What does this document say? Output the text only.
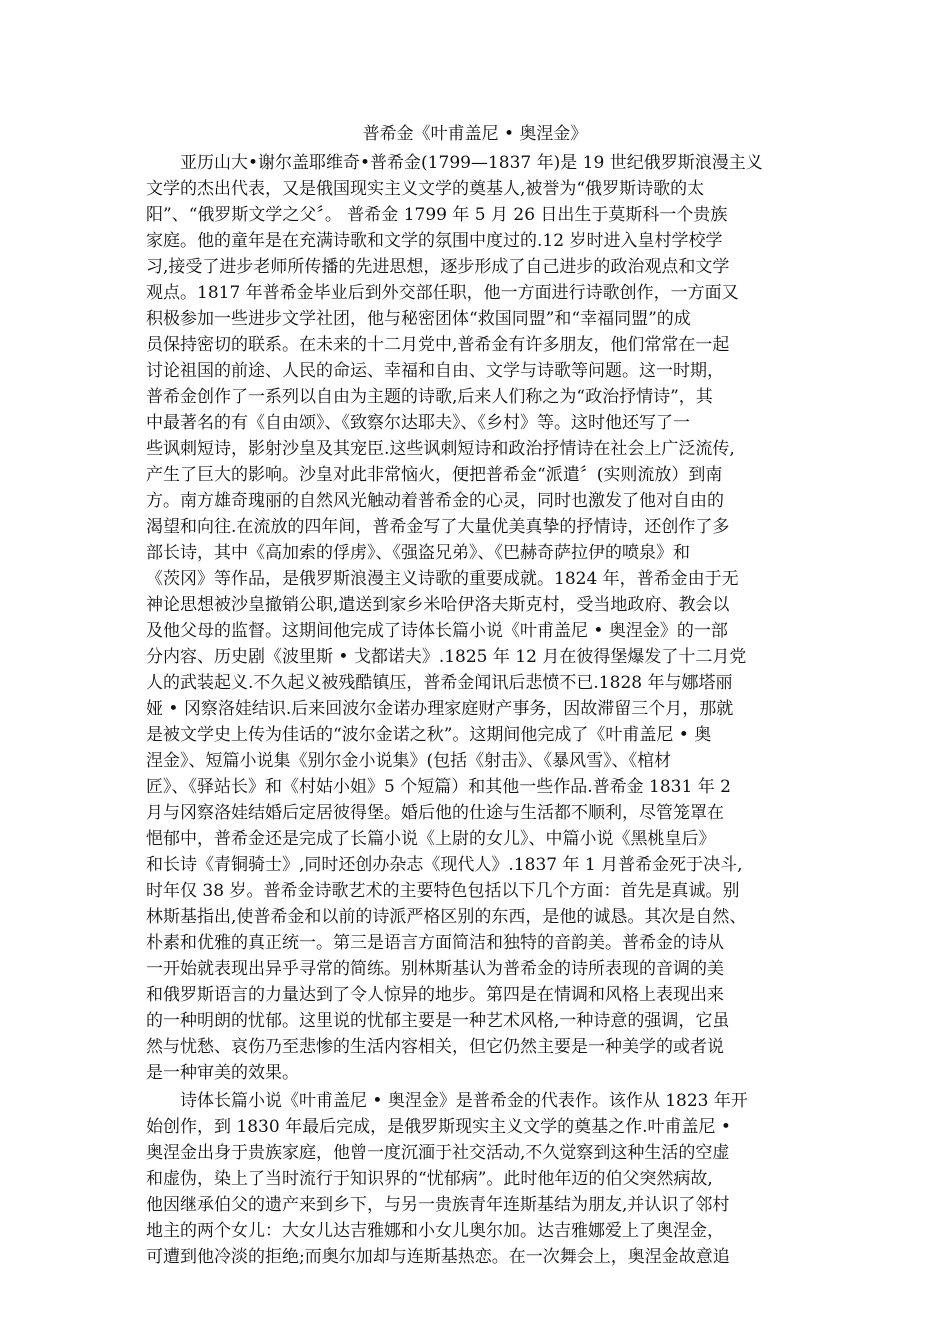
普希金《叶甫盖尼 • 奥涅金》
亚历山大•谢尔盖耶维奇•普希金(1799—1837 年)是 19 世纪俄罗斯浪漫主义
文学的杰出代表，又是俄国现实主义文学的奠基人,被誉为“俄罗斯诗歌的太
阳”、“俄罗斯文学之父〞。 普希金 1799 年 5 月 26 日出生于莫斯科一个贵族
家庭。他的童年是在充满诗歌和文学的氛围中度过的.12 岁时进入皇村学校学
习,接受了进步老师所传播的先进思想，逐步形成了自己进步的政治观点和文学
观点。1817 年普希金毕业后到外交部任职，他一方面进行诗歌创作，一方面又
积极参加一些进步文学社团，他与秘密团体“救国同盟”和“幸福同盟”的成
员保持密切的联系。在未来的十二月党中,普希金有许多朋友，他们常常在一起
讨论祖国的前途、人民的命运、幸福和自由、文学与诗歌等问题。这一时期，
普希金创作了一系列以自由为主题的诗歌,后来人们称之为“政治抒情诗”，其
中最著名的有《自由颂》、《致察尔达耶夫》、《乡村》等。这时他还写了一
些讽刺短诗，影射沙皇及其宠臣.这些讽刺短诗和政治抒情诗在社会上广泛流传,
产生了巨大的影响。沙皇对此非常恼火，便把普希金“派遣〞(实则流放）到南
方。南方雄奇瑰丽的自然风光触动着普希金的心灵，同时也激发了他对自由的
渴望和向往.在流放的四年间，普希金写了大量优美真挚的抒情诗，还创作了多
部长诗，其中《高加索的俘虏》、《强盗兄弟》、《巴赫奇萨拉伊的喷泉》和
《茨冈》等作品，是俄罗斯浪漫主义诗歌的重要成就。1824 年，普希金由于无
神论思想被沙皇撤销公职,遣送到家乡米哈伊洛夫斯克村，受当地政府、教会以
及他父母的监督。这期间他完成了诗体长篇小说《叶甫盖尼 • 奥涅金》的一部
分内容、历史剧《波里斯 • 戈都诺夫》.1825 年 12 月在彼得堡爆发了十二月党
人的武装起义.不久起义被残酷镇压，普希金闻讯后悲愤不已.1828 年与娜塔丽
娅 • 冈察洛娃结识.后来回波尔金诺办理家庭财产事务，因故滞留三个月，那就
是被文学史上传为佳话的“波尔金诺之秋”。这期间他完成了《叶甫盖尼 • 奥
涅金》、短篇小说集《别尔金小说集》(包括《射击》、《暴风雪》、《棺材
匠》、《驿站长》和《村姑小姐》5 个短篇）和其他一些作品.普希金 1831 年 2
月与冈察洛娃结婚后定居彼得堡。婚后他的仕途与生活都不顺利，尽管笼罩在
悒郁中，普希金还是完成了长篇小说《上尉的女儿》、中篇小说《黑桃皇后》
和长诗《青铜骑士》,同时还创办杂志《现代人》.1837 年 1 月普希金死于决斗,
时年仅 38 岁。普希金诗歌艺术的主要特色包括以下几个方面：首先是真诚。别
林斯基指出,使普希金和以前的诗派严格区别的东西，是他的诚恳。其次是自然、
朴素和优雅的真正统一。第三是语言方面简洁和独特的音韵美。普希金的诗从
一开始就表现出异乎寻常的简练。别林斯基认为普希金的诗所表现的音调的美
和俄罗斯语言的力量达到了令人惊异的地步。第四是在情调和风格上表现出来
的一种明朗的忧郁。这里说的忧郁主要是一种艺术风格,一种诗意的强调，它虽
然与忧愁、哀伤乃至悲惨的生活内容相关，但它仍然主要是一种美学的或者说
是一种审美的效果。
诗体长篇小说《叶甫盖尼 • 奥涅金》是普希金的代表作。该作从 1823 年开
始创作，到 1830 年最后完成，是俄罗斯现实主义文学的奠基之作.叶甫盖尼 •
奥涅金出身于贵族家庭，他曾一度沉湎于社交活动,不久觉察到这种生活的空虚
和虚伪，染上了当时流行于知识界的“忧郁病”。此时他年迈的伯父突然病故,
他因继承伯父的遗产来到乡下，与另一贵族青年连斯基结为朋友,并认识了邻村
地主的两个女儿：大女儿达吉雅娜和小女儿奥尔加。达吉雅娜爱上了奥涅金，
可遭到他冷淡的拒绝;而奥尔加却与连斯基热恋。在一次舞会上，奥涅金故意追
